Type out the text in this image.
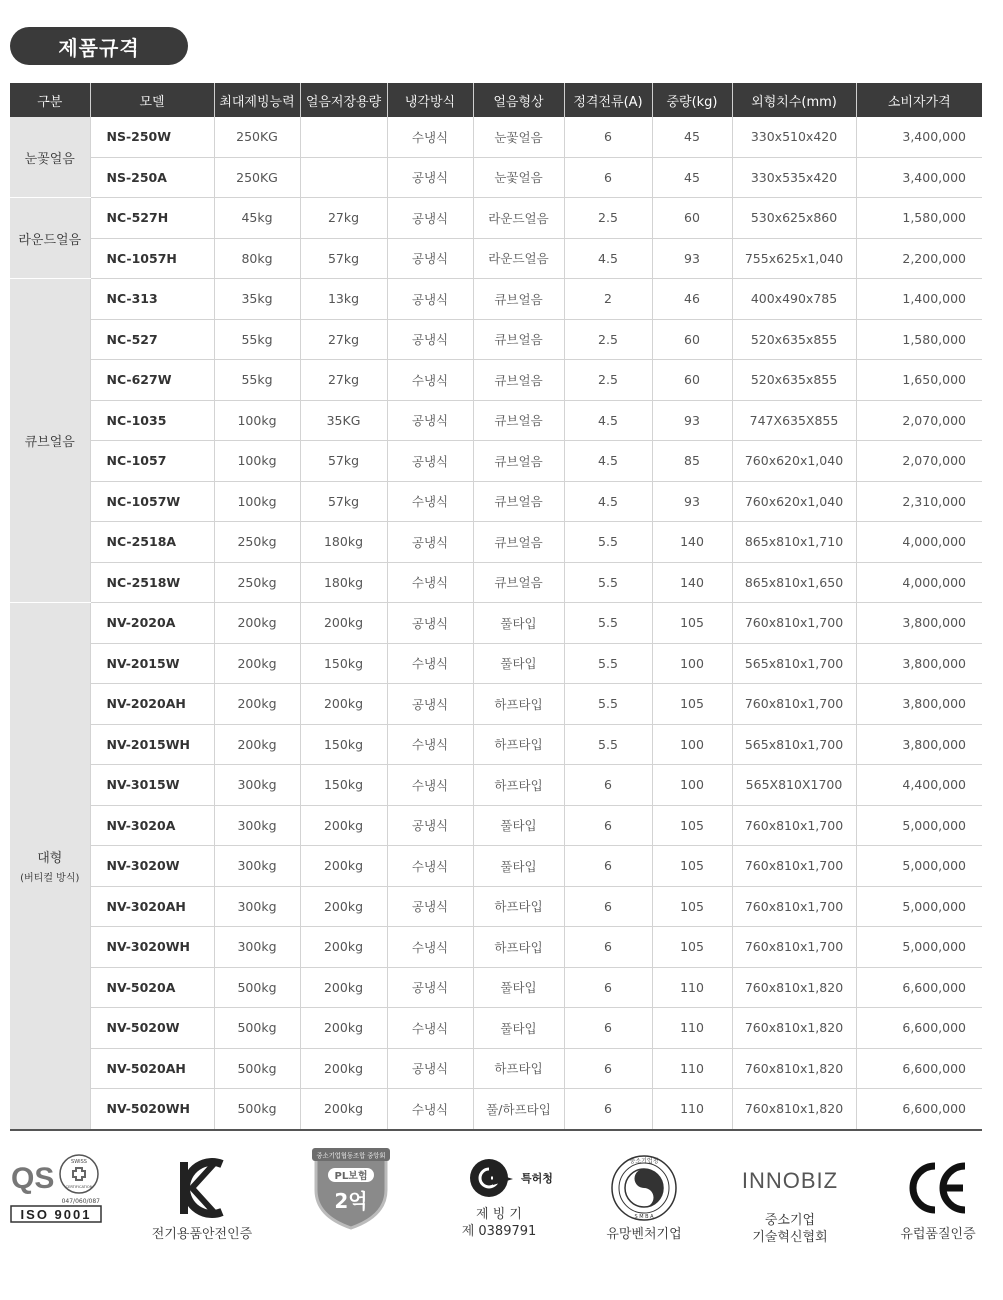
제품규격
구분	모델	최대제빙능력	얼음저장용량	냉각방식	얼음형상	정격전류(A)	중량(kg)	외형치수(mm)	소비자가격
눈꽃얼음	NS-250W	250KG		수냉식	눈꽃얼음	6	45	330x510x420	3,400,000
	NS-250A	250KG		공냉식	눈꽃얼음	6	45	330x535x420	3,400,000
라운드얼음	NC-527H	45kg	27kg	공냉식	라운드얼음	2.5	60	530x625x860	1,580,000
	NC-1057H	80kg	57kg	공냉식	라운드얼음	4.5	93	755x625x1,040	2,200,000
큐브얼음	NC-313	35kg	13kg	공냉식	큐브얼음	2	46	400x490x785	1,400,000
	NC-527	55kg	27kg	공냉식	큐브얼음	2.5	60	520x635x855	1,580,000
	NC-627W	55kg	27kg	수냉식	큐브얼음	2.5	60	520x635x855	1,650,000
	NC-1035	100kg	35KG	공냉식	큐브얼음	4.5	93	747X635X855	2,070,000
	NC-1057	100kg	57kg	공냉식	큐브얼음	4.5	85	760x620x1,040	2,070,000
	NC-1057W	100kg	57kg	수냉식	큐브얼음	4.5	93	760x620x1,040	2,310,000
	NC-2518A	250kg	180kg	공냉식	큐브얼음	5.5	140	865x810x1,710	4,000,000
	NC-2518W	250kg	180kg	수냉식	큐브얼음	5.5	140	865x810x1,650	4,000,000
대형
(버티컬 방식)	NV-2020A	200kg	200kg	공냉식	풀타입	5.5	105	760x810x1,700	3,800,000
	NV-2015W	200kg	150kg	수냉식	풀타입	5.5	100	565x810x1,700	3,800,000
	NV-2020AH	200kg	200kg	공냉식	하프타입	5.5	105	760x810x1,700	3,800,000
	NV-2015WH	200kg	150kg	수냉식	하프타입	5.5	100	565x810x1,700	3,800,000
	NV-3015W	300kg	150kg	수냉식	하프타입	6	100	565X810X1700	4,400,000
	NV-3020A	300kg	200kg	공냉식	풀타입	6	105	760x810x1,700	5,000,000
	NV-3020W	300kg	200kg	수냉식	풀타입	6	105	760x810x1,700	5,000,000
	NV-3020AH	300kg	200kg	공냉식	하프타입	6	105	760x810x1,700	5,000,000
	NV-3020WH	300kg	200kg	수냉식	하프타입	6	105	760x810x1,700	5,000,000
	NV-5020A	500kg	200kg	공냉식	풀타입	6	110	760x810x1,820	6,600,000
	NV-5020W	500kg	200kg	수냉식	풀타입	6	110	760x810x1,820	6,600,000
	NV-5020AH	500kg	200kg	공냉식	하프타입	6	110	760x810x1,820	6,600,000
	NV-5020WH	500kg	200kg	수냉식	풀/하프타입	6	110	760x810x1,820	6,600,000
QS	SWISS
CERTIFICATION
047/060/087
ISO 9001
전기용품안전인증
중소기업협동조합 중앙회
PL보험
2억
특허청
제 빙 기
제 0389791
중소기업청
S M B A
유망벤처기업
INNOBIZ
중소기업
기술혁신협회	유럽품질인증
